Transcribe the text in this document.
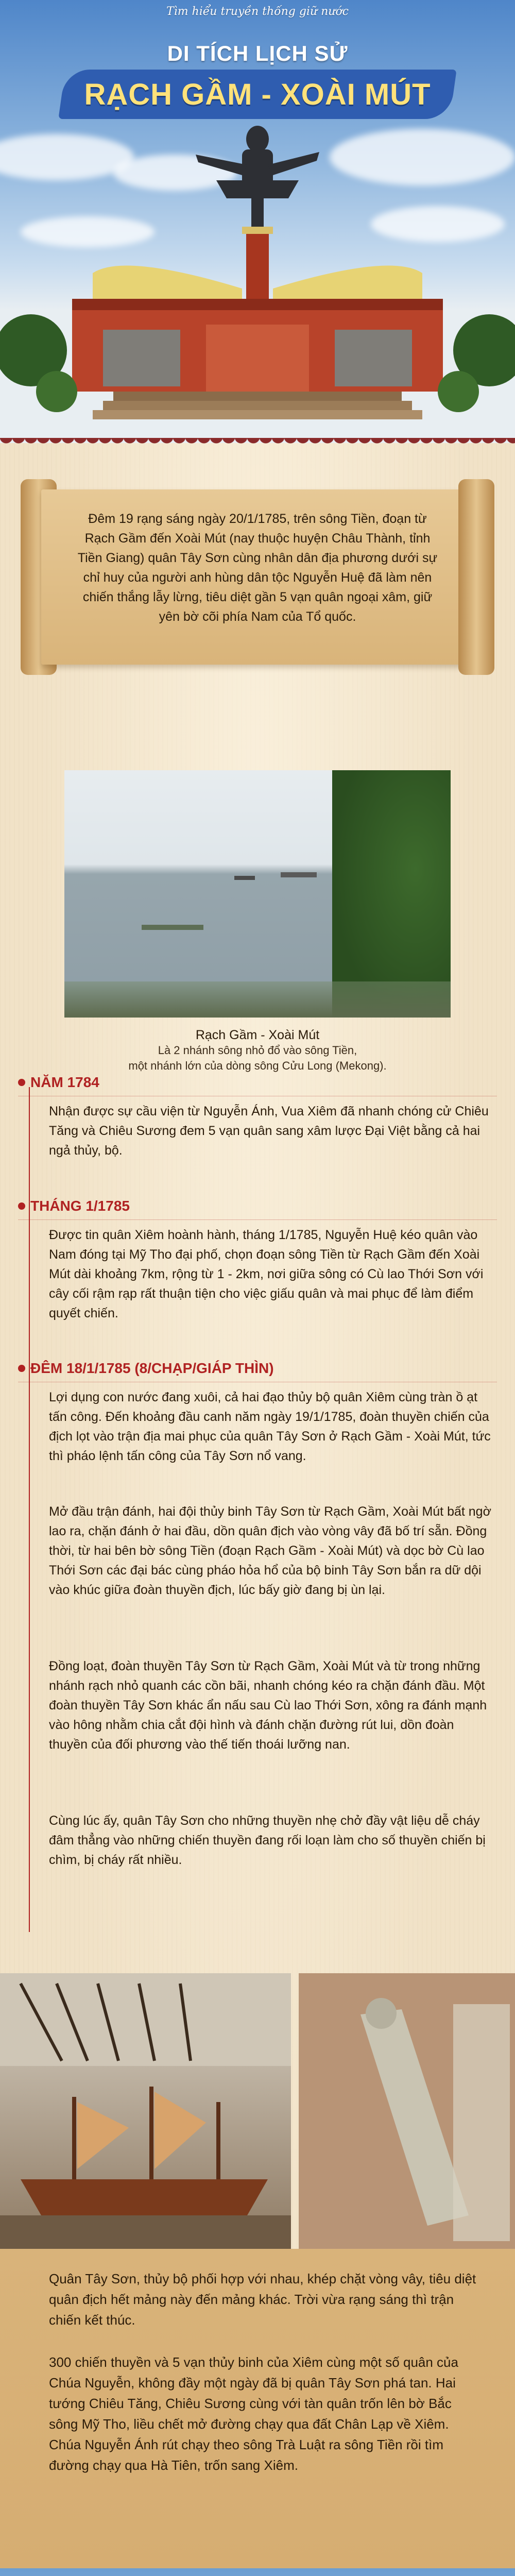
Tìm hiểu truyền thống giữ nước
DI TÍCH LỊCH SỬ
RẠCH GẦM - XOÀI MÚT

Đêm 19 rạng sáng ngày 20/1/1785, trên sông Tiền, đoạn từ Rạch Gầm đến Xoài Mút (nay thuộc huyện Châu Thành, tỉnh Tiền Giang) quân Tây Sơn cùng nhân dân địa phương dưới sự chỉ huy của người anh hùng dân tộc Nguyễn Huệ đã làm nên chiến thắng lẫy lừng, tiêu diệt gần 5 vạn quân ngoại xâm, giữ yên bờ cõi phía Nam của Tổ quốc.

Rạch Gầm - Xoài Mút
Là 2 nhánh sông nhỏ đổ vào sông Tiền,
một nhánh lớn của dòng sông Cửu Long (Mekong).
NĂM 1784
Nhận được sự cầu viện từ Nguyễn Ánh, Vua Xiêm đã nhanh chóng cử Chiêu Tăng và Chiêu Sương đem 5 vạn quân sang xâm lược Đại Việt bằng cả hai ngả thủy, bộ.
THÁNG 1/1785
Được tin quân Xiêm hoành hành, tháng 1/1785, Nguyễn Huệ kéo quân vào Nam đóng tại Mỹ Tho đại phố, chọn đoạn sông Tiền từ Rạch Gầm đến Xoài Mút dài khoảng 7km, rộng từ 1 - 2km, nơi giữa sông có Cù lao Thới Sơn với cây cối rậm rạp rất thuận tiện cho việc giấu quân và mai phục để làm điểm quyết chiến.
ĐÊM 18/1/1785 (8/CHẠP/GIÁP THÌN)
Lợi dụng con nước đang xuôi, cả hai đạo thủy bộ quân Xiêm cùng tràn ồ ạt tấn công. Đến khoảng đầu canh năm ngày 19/1/1785, đoàn thuyền chiến của địch lọt vào trận địa mai phục của quân Tây Sơn ở Rạch Gầm - Xoài Mút, tức thì pháo lệnh tấn công của Tây Sơn nổ vang.
Mở đầu trận đánh, hai đội thủy binh Tây Sơn từ Rạch Gầm, Xoài Mút bất ngờ lao ra, chặn đánh ở hai đầu, dồn quân địch vào vòng vây đã bố trí sẵn. Đồng thời, từ hai bên bờ sông Tiền (đoạn Rạch Gầm - Xoài Mút) và dọc bờ Cù lao Thới Sơn các đại bác cùng pháo hỏa hổ của bộ binh Tây Sơn bắn ra dữ dội vào khúc giữa đoàn thuyền địch, lúc bấy giờ đang bị ùn lại.
Đồng loạt, đoàn thuyền Tây Sơn từ Rạch Gầm, Xoài Mút và từ trong những nhánh rạch nhỏ quanh các cồn bãi, nhanh chóng kéo ra chặn đánh đầu. Một đoàn thuyền Tây Sơn khác ẩn nấu sau Cù lao Thới Sơn, xông ra đánh mạnh vào hông nhằm chia cắt đội hình và đánh chặn đường rút lui, dồn đoàn thuyền của đối phương vào thế tiến thoái lưỡng nan.
Cùng lúc ấy, quân Tây Sơn cho những thuyền nhẹ chở đầy vật liệu dễ cháy đâm thẳng vào những chiến thuyền đang rối loạn làm cho số thuyền chiến bị chìm, bị cháy rất nhiều.

Quân Tây Sơn, thủy bộ phối hợp với nhau, khép chặt vòng vây, tiêu diệt quân địch hết mảng này đến mảng khác. Trời vừa rạng sáng thì trận chiến kết thúc.

300 chiến thuyền và 5 vạn thủy binh của Xiêm cùng một số quân của Chúa Nguyễn, không đầy một ngày đã bị quân Tây Sơn phá tan. Hai tướng Chiêu Tăng, Chiêu Sương cùng với tàn quân trốn lên bờ Bắc sông Mỹ Tho, liều chết mở đường chạy qua đất Chân Lạp về Xiêm. Chúa Nguyễn Ánh rút chạy theo sông Trà Luật ra sông Tiền rồi tìm đường chạy qua Hà Tiên, trốn sang Xiêm.
